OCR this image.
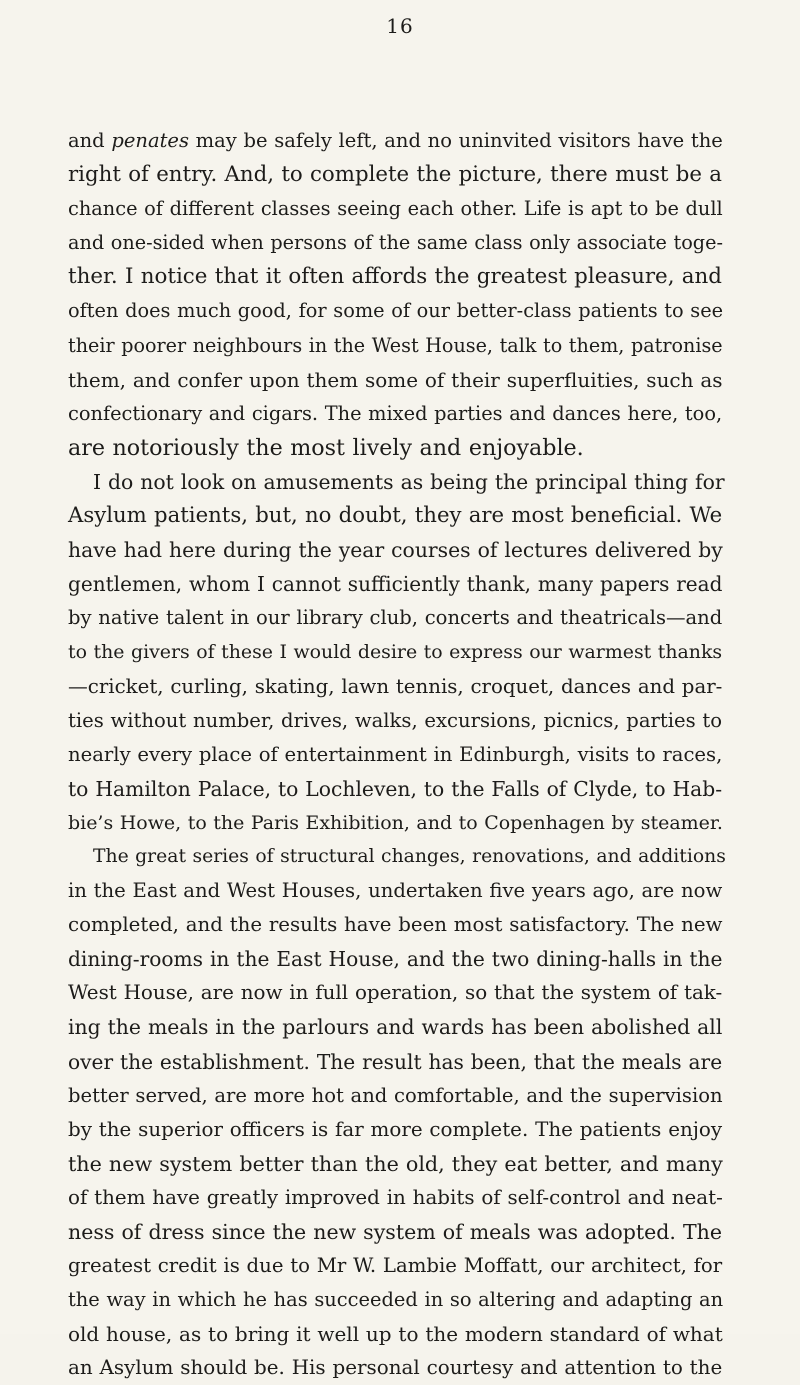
16
and penates may be safely left, and no uninvited visitors have the
right of entry. And, to complete the picture, there must be a
chance of different classes seeing each other. Life is apt to be dull
and one-sided when persons of the same class only associate toge-
ther. I notice that it often affords the greatest pleasure, and
often does much good, for some of our better-class patients to see
their poorer neighbours in the West House, talk to them, patronise
them, and confer upon them some of their superfluities, such as
confectionary and cigars. The mixed parties and dances here, too,
are notoriously the most lively and enjoyable.
I do not look on amusements as being the principal thing for
Asylum patients, but, no doubt, they are most beneficial. We
have had here during the year courses of lectures delivered by
gentlemen, whom I cannot sufficiently thank, many papers read
by native talent in our library club, concerts and theatricals—and
to the givers of these I would desire to express our warmest thanks
—cricket, curling, skating, lawn tennis, croquet, dances and par-
ties without number, drives, walks, excursions, picnics, parties to
nearly every place of entertainment in Edinburgh, visits to races,
to Hamilton Palace, to Lochleven, to the Falls of Clyde, to Hab-
bie’s Howe, to the Paris Exhibition, and to Copenhagen by steamer.
The great series of structural changes, renovations, and additions
in the East and West Houses, undertaken five years ago, are now
completed, and the results have been most satisfactory. The new
dining-rooms in the East House, and the two dining-halls in the
West House, are now in full operation, so that the system of tak-
ing the meals in the parlours and wards has been abolished all
over the establishment. The result has been, that the meals are
better served, are more hot and comfortable, and the supervision
by the superior officers is far more complete. The patients enjoy
the new system better than the old, they eat better, and many
of them have greatly improved in habits of self-control and neat-
ness of dress since the new system of meals was adopted. The
greatest credit is due to Mr W. Lambie Moffatt, our architect, for
the way in which he has succeeded in so altering and adapting an
old house, as to bring it well up to the modern standard of what
an Asylum should be. His personal courtesy and attention to the
